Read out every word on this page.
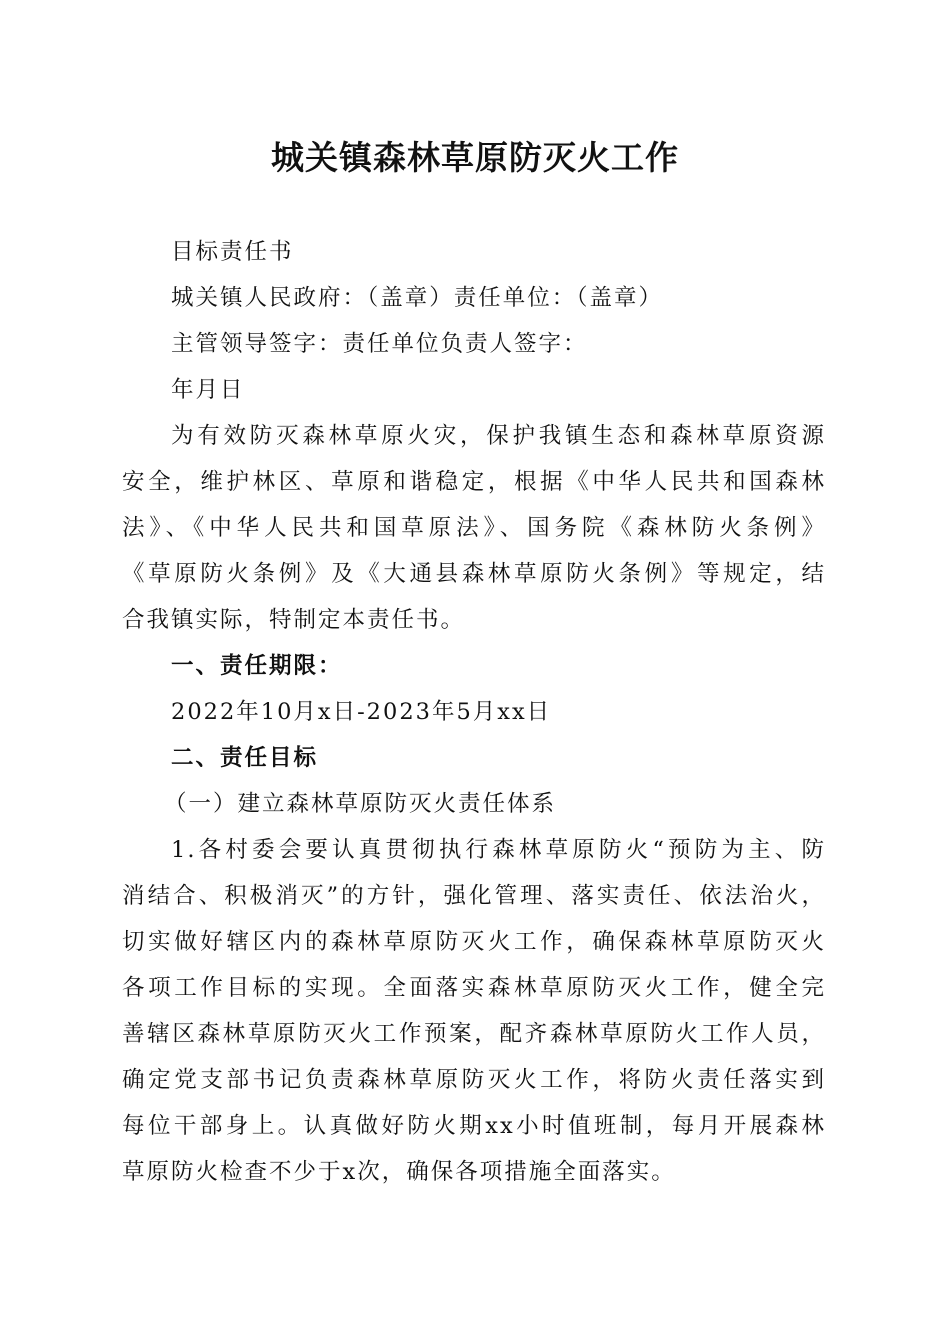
城关镇森林草原防灭火工作
目标责任书
城关镇人民政府：（盖章）责任单位：（盖章）
主管领导签字：责任单位负责人签字：
年月日
为有效防灭森林草原火灾，保护我镇生态和森林草原资源
安全，维护林区、草原和谐稳定，根据《中华人民共和国森林
法》、《中华人民共和国草原法》、国务院《森林防火条例》
《草原防火条例》及《大通县森林草原防火条例》等规定，结
合我镇实际，特制定本责任书。
一、责任期限：
2022年10月x日-2023年5月xx日
二、责任目标
（一）建立森林草原防灭火责任体系
1.各村委会要认真贯彻执行森林草原防火“预防为主、防
消结合、积极消灭”的方针，强化管理、落实责任、依法治火，
切实做好辖区内的森林草原防灭火工作，确保森林草原防灭火
各项工作目标的实现。全面落实森林草原防灭火工作，健全完
善辖区森林草原防灭火工作预案，配齐森林草原防火工作人员，
确定党支部书记负责森林草原防灭火工作，将防火责任落实到
每位干部身上。认真做好防火期xx小时值班制，每月开展森林
草原防火检查不少于x次，确保各项措施全面落实。
